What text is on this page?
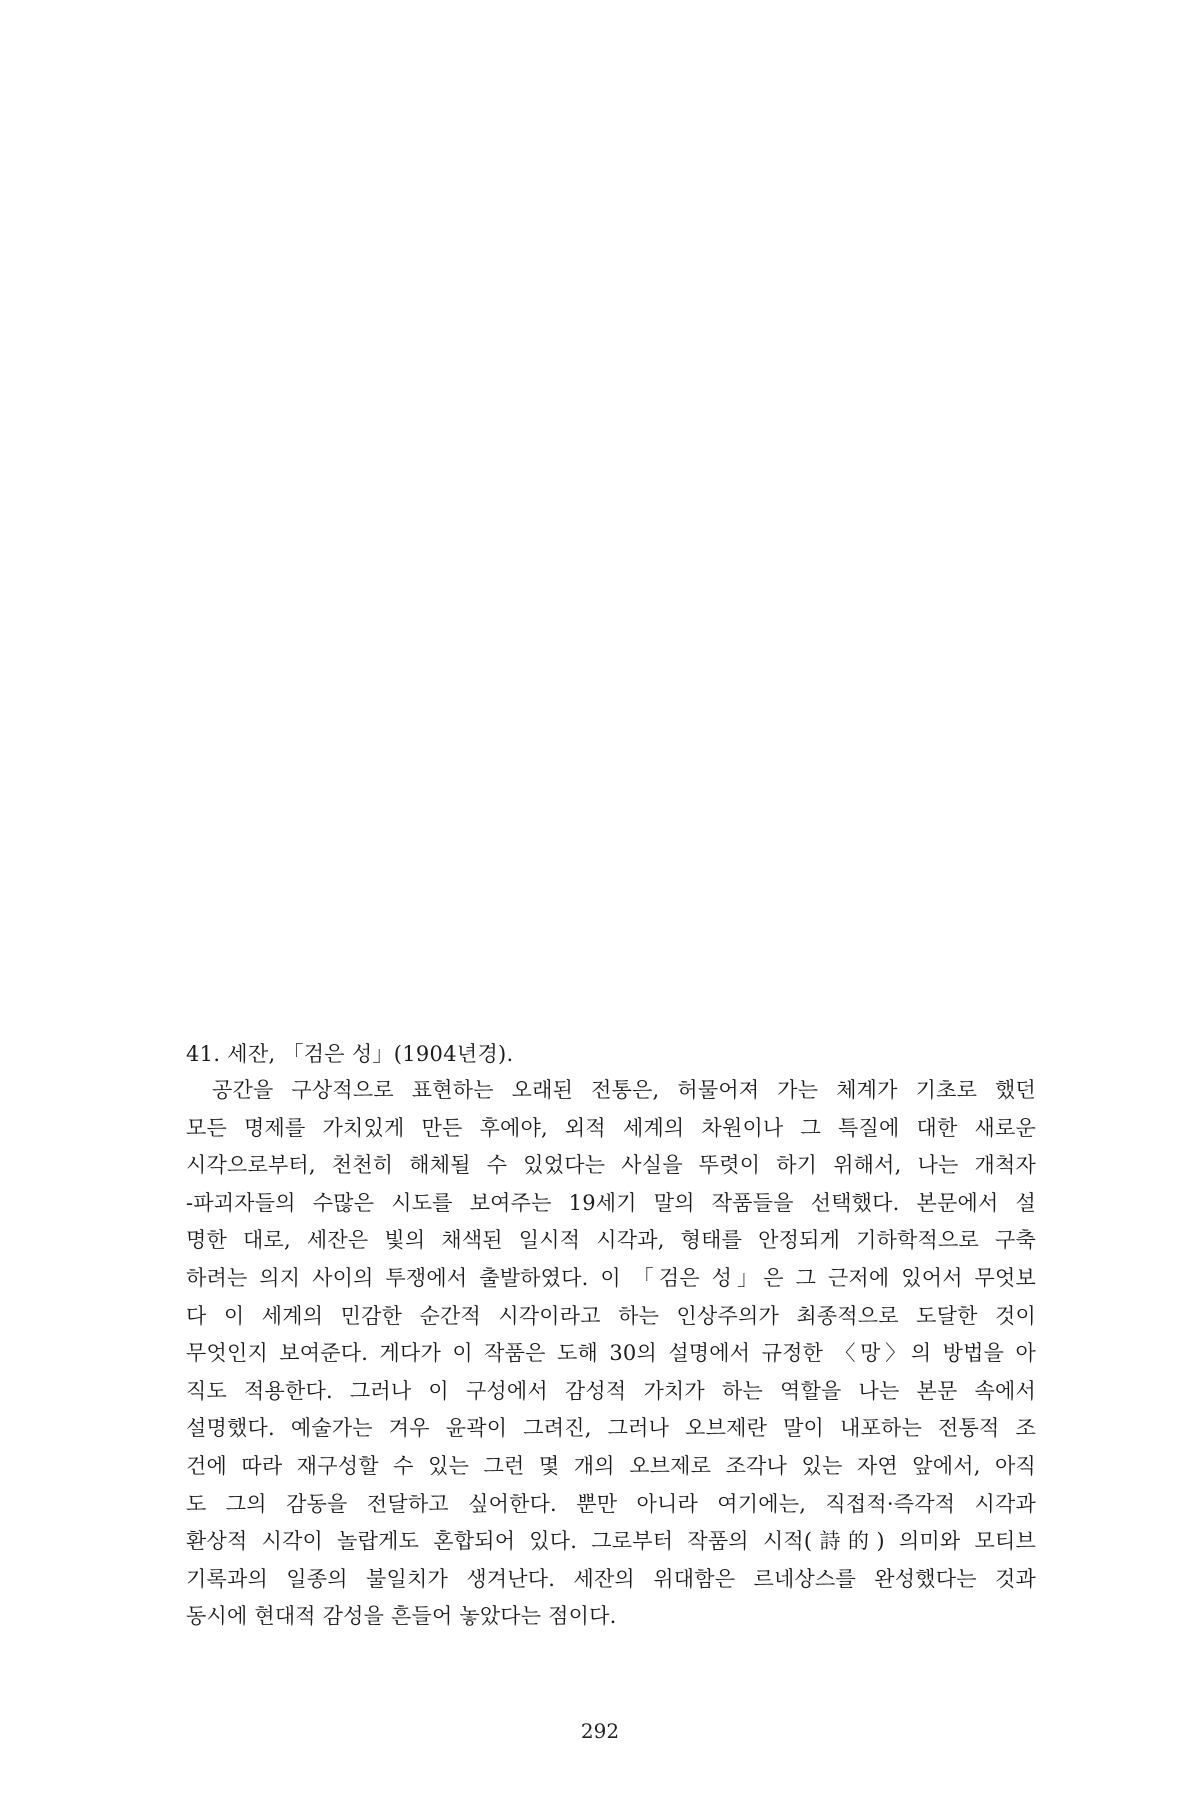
41. 세잔, 「검은 성」(1904년경).
공간을 구상적으로 표현하는 오래된 전통은, 허물어져 가는 체계가 기초로 했던
모든 명제를 가치있게 만든 후에야, 외적 세계의 차원이나 그 특질에 대한 새로운
시각으로부터, 천천히 해체될 수 있었다는 사실을 뚜렷이 하기 위해서, 나는 개척자
-파괴자들의 수많은 시도를 보여주는 19세기 말의 작품들을 선택했다. 본문에서 설
명한 대로, 세잔은 빛의 채색된 일시적 시각과, 형태를 안정되게 기하학적으로 구축
하려는 의지 사이의 투쟁에서 출발하였다. 이 「검은 성」은 그 근저에 있어서 무엇보
다 이 세계의 민감한 순간적 시각이라고 하는 인상주의가 최종적으로 도달한 것이
무엇인지 보여준다. 게다가 이 작품은 도해 30의 설명에서 규정한 〈망〉의 방법을 아
직도 적용한다. 그러나 이 구성에서 감성적 가치가 하는 역할을 나는 본문 속에서
설명했다. 예술가는 겨우 윤곽이 그려진, 그러나 오브제란 말이 내포하는 전통적 조
건에 따라 재구성할 수 있는 그런 몇 개의 오브제로 조각나 있는 자연 앞에서, 아직
도 그의 감동을 전달하고 싶어한다. 뿐만 아니라 여기에는, 직접적·즉각적 시각과
환상적 시각이 놀랍게도 혼합되어 있다. 그로부터 작품의 시적(詩的) 의미와 모티브
기록과의 일종의 불일치가 생겨난다. 세잔의 위대함은 르네상스를 완성했다는 것과
동시에 현대적 감성을 흔들어 놓았다는 점이다.
292
